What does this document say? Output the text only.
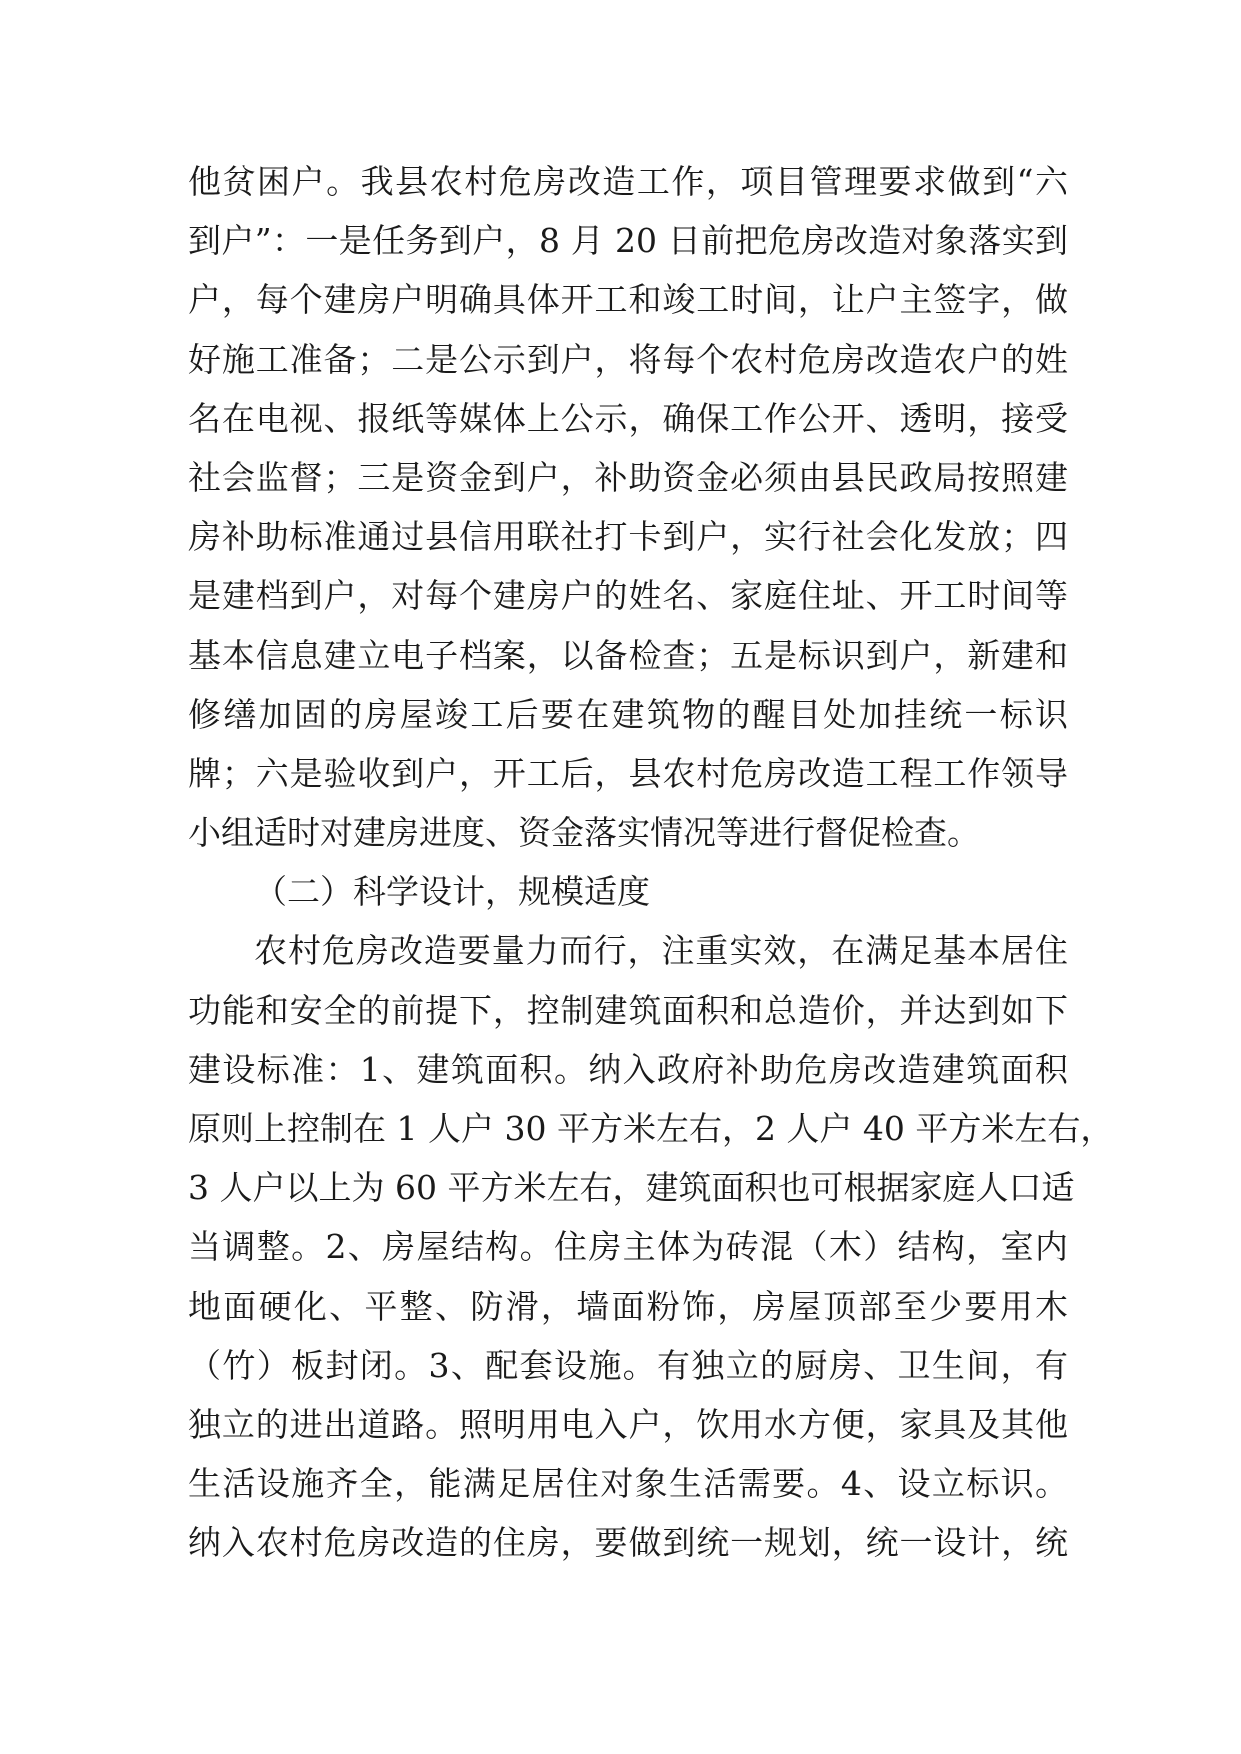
他贫困户。我县农村危房改造工作，项目管理要求做到“六
到户”：一是任务到户，8 月 20 日前把危房改造对象落实到
户，每个建房户明确具体开工和竣工时间，让户主签字，做
好施工准备；二是公示到户，将每个农村危房改造农户的姓
名在电视、报纸等媒体上公示，确保工作公开、透明，接受
社会监督；三是资金到户，补助资金必须由县民政局按照建
房补助标准通过县信用联社打卡到户，实行社会化发放；四
是建档到户，对每个建房户的姓名、家庭住址、开工时间等
基本信息建立电子档案，以备检查；五是标识到户，新建和
修缮加固的房屋竣工后要在建筑物的醒目处加挂统一标识
牌；六是验收到户，开工后，县农村危房改造工程工作领导
小组适时对建房进度、资金落实情况等进行督促检查。
（二）科学设计，规模适度
农村危房改造要量力而行，注重实效，在满足基本居住
功能和安全的前提下，控制建筑面积和总造价，并达到如下
建设标准：1、建筑面积。纳入政府补助危房改造建筑面积
原则上控制在 1 人户 30 平方米左右，2 人户 40 平方米左右，
3 人户以上为 60 平方米左右，建筑面积也可根据家庭人口适
当调整。2、房屋结构。住房主体为砖混（木）结构，室内
地面硬化、平整、防滑，墙面粉饰，房屋顶部至少要用木
（竹）板封闭。3、配套设施。有独立的厨房、卫生间，有
独立的进出道路。照明用电入户，饮用水方便，家具及其他
生活设施齐全，能满足居住对象生活需要。4、设立标识。
纳入农村危房改造的住房，要做到统一规划，统一设计，统
